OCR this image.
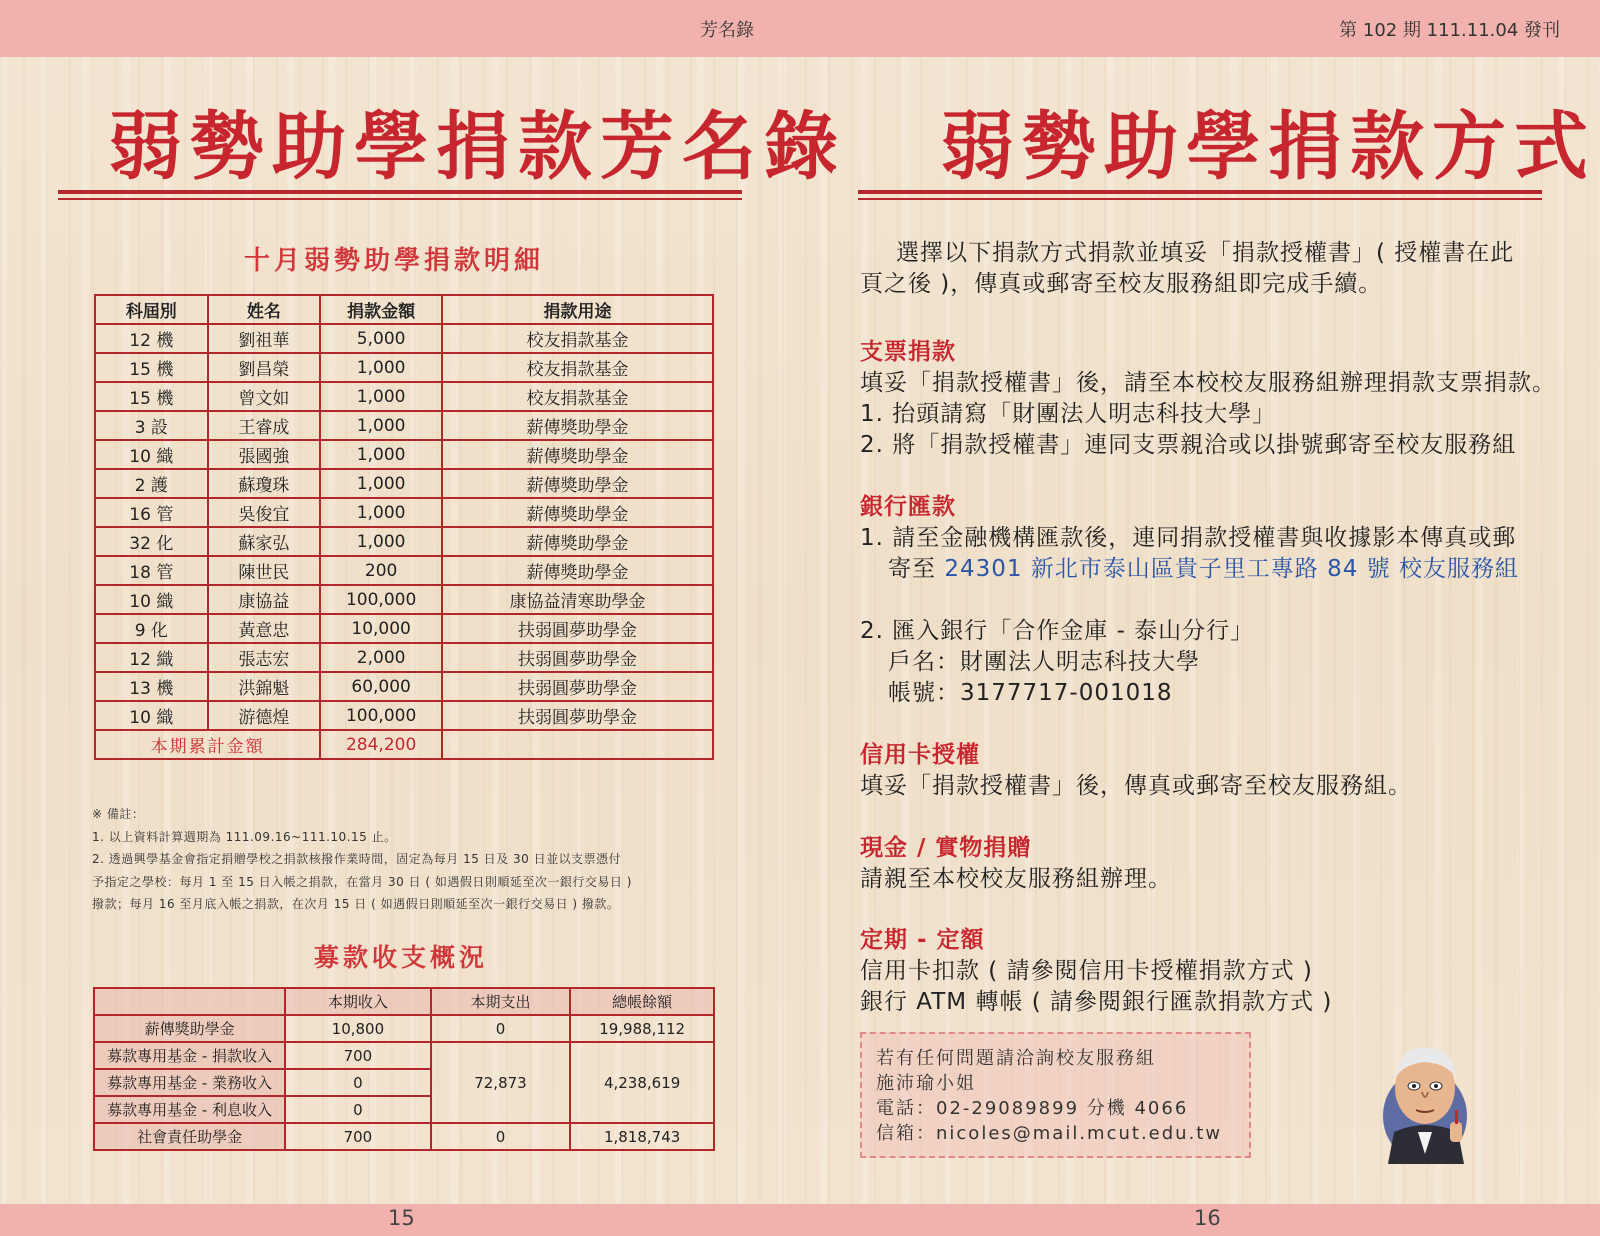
芳名錄	第 102 期 111.11.04 發刊
弱勢助學捐款芳名錄
十月弱勢助學捐款明細
科屆別	姓名	捐款金額	捐款用途
12 機	劉祖華	5,000	校友捐款基金
15 機	劉昌榮	1,000	校友捐款基金
15 機	曾文如	1,000	校友捐款基金
3 設	王睿成	1,000	薪傳獎助學金
10 織	張國強	1,000	薪傳獎助學金
2 護	蘇瓊珠	1,000	薪傳獎助學金
16 管	吳俊宜	1,000	薪傳獎助學金
32 化	蘇家弘	1,000	薪傳獎助學金
18 管	陳世民	200	薪傳獎助學金
10 織	康協益	100,000	康協益清寒助學金
9 化	黃意忠	10,000	扶弱圓夢助學金
12 織	張志宏	2,000	扶弱圓夢助學金
13 機	洪錦魁	60,000	扶弱圓夢助學金
10 織	游德煌	100,000	扶弱圓夢助學金
本期累計金額		284,200	
※ 備註：
1. 以上資料計算週期為 111.09.16~111.10.15 止。
2. 透過興學基金會指定捐贈學校之捐款核撥作業時間，固定為每月 15 日及 30 日並以支票憑付
予指定之學校：每月 1 至 15 日入帳之捐款，在當月 30 日 ( 如遇假日則順延至次一銀行交易日 )
撥款；每月 16 至月底入帳之捐款，在次月 15 日 ( 如遇假日則順延至次一銀行交易日 ) 撥款。
募款收支概況
	本期收入	本期支出	總帳餘額
薪傳獎助學金	10,800	0	19,988,112
募款專用基金 - 捐款收入	700	72,873	4,238,619
募款專用基金 - 業務收入	0		
募款專用基金 - 利息收入	0		
社會責任助學金	700	0	1,818,743
弱勢助學捐款方式
選擇以下捐款方式捐款並填妥「捐款授權書」( 授權書在此
頁之後 )，傳真或郵寄至校友服務組即完成手續。
支票捐款
填妥「捐款授權書」後，請至本校校友服務組辦理捐款支票捐款。
1. 抬頭請寫「財團法人明志科技大學」
2. 將「捐款授權書」連同支票親洽或以掛號郵寄至校友服務組
銀行匯款
1. 請至金融機構匯款後，連同捐款授權書與收據影本傳真或郵
寄至 24301 新北市泰山區貴子里工專路 84 號 校友服務組
2. 匯入銀行「合作金庫 - 泰山分行」
戶名：財團法人明志科技大學
帳號：3177717-001018
信用卡授權
填妥「捐款授權書」後，傳真或郵寄至校友服務組。
現金 / 實物捐贈
請親至本校校友服務組辦理。
定期 - 定額
信用卡扣款 ( 請參閱信用卡授權捐款方式 )
銀行 ATM 轉帳 ( 請參閱銀行匯款捐款方式 )
若有任何問題請洽詢校友服務組
施沛瑜小姐
電話：02-29089899 分機 4066
信箱：nicoles@mail.mcut.edu.tw
15	16
